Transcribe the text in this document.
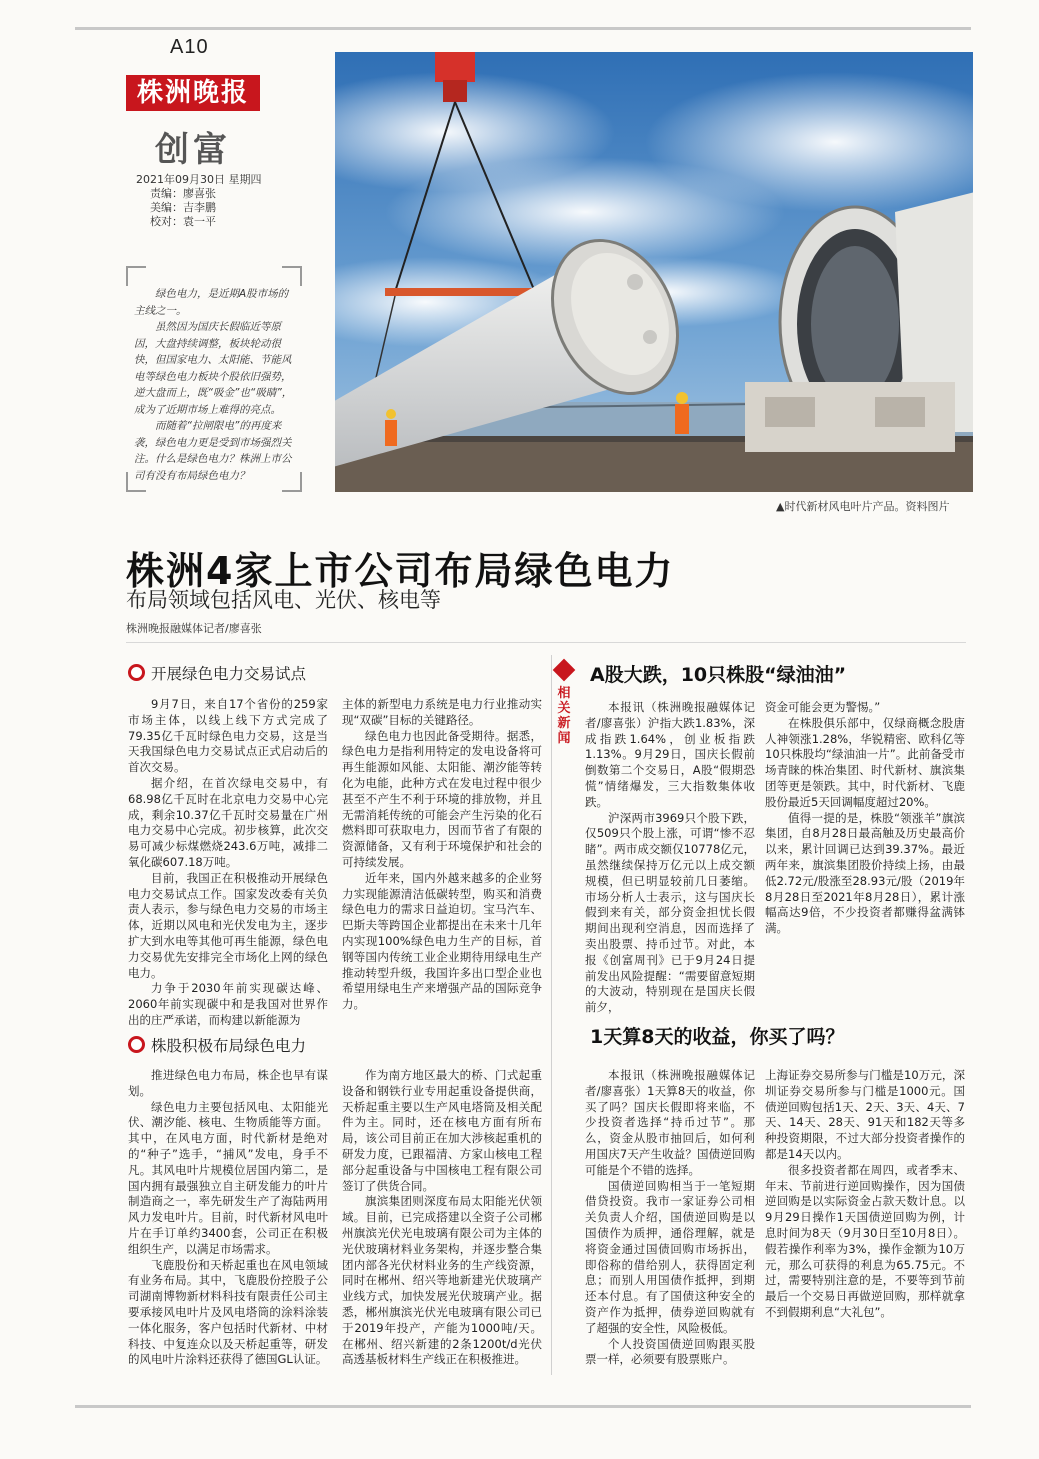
A10
株洲晚报
创富
2021年09月30日 星期四
责编：廖喜张
美编：吉李鹏
校对：袁一平

绿色电力，是近期A股市场的主线之一。

虽然因为国庆长假临近等原因，大盘持续调整，板块轮动很快，但国家电力、太阳能、节能风电等绿色电力板块个股依旧强势，逆大盘而上，既“吸金”也“吸睛”，成为了近期市场上难得的亮点。

而随着“拉闸限电”的再度来袭，绿色电力更是受到市场强烈关注。什么是绿色电力？株洲上市公司有没有布局绿色电力？

▲时代新材风电叶片产品。资料图片
株洲4家上市公司布局绿色电力
布局领域包括风电、光伏、核电等
株洲晚报融媒体记者/廖喜张
开展绿色电力交易试点

9月7日，来自17个省份的259家市场主体，以线上线下方式完成了79.35亿千瓦时绿色电力交易，这是当天我国绿色电力交易试点正式启动后的首次交易。

据介绍，在首次绿电交易中，有68.98亿千瓦时在北京电力交易中心完成，剩余10.37亿千瓦时交易量在广州电力交易中心完成。初步核算，此次交易可减少标煤燃烧243.6万吨，减排二氧化碳607.18万吨。

目前，我国正在积极推动开展绿色电力交易试点工作。国家发改委有关负责人表示，参与绿色电力交易的市场主体，近期以风电和光伏发电为主，逐步扩大到水电等其他可再生能源，绿色电力交易优先安排完全市场化上网的绿色电力。

力争于2030年前实现碳达峰、2060年前实现碳中和是我国对世界作出的庄严承诺，而构建以新能源为

主体的新型电力系统是电力行业推动实现“双碳”目标的关键路径。

绿色电力也因此备受期待。据悉，绿色电力是指利用特定的发电设备将可再生能源如风能、太阳能、潮汐能等转化为电能，此种方式在发电过程中很少甚至不产生不利于环境的排放物，并且无需消耗传统的可能会产生污染的化石燃料即可获取电力，因而节省了有限的资源储备，又有利于环境保护和社会的可持续发展。

近年来，国内外越来越多的企业努力实现能源清洁低碳转型，购买和消费绿色电力的需求日益迫切。宝马汽车、巴斯夫等跨国企业都提出在未来十几年内实现100%绿色电力生产的目标，首钢等国内传统工业企业期待用绿电生产推动转型升级，我国许多出口型企业也希望用绿电生产来增强产品的国际竞争力。

株股积极布局绿色电力

推进绿色电力布局，株企也早有谋划。

绿色电力主要包括风电、太阳能光伏、潮汐能、核电、生物质能等方面。其中，在风电方面，时代新材是绝对的“种子”选手，“捕风”发电，身手不凡。其风电叶片规模位居国内第二，是国内拥有最强独立自主研发能力的叶片制造商之一，率先研发生产了海陆两用风力发电叶片。目前，时代新材风电叶片在手订单约3400套，公司正在积极组织生产，以满足市场需求。

飞鹿股份和天桥起重也在风电领域有业务布局。其中，飞鹿股份控股子公司湖南博物新材料科技有限责任公司主要承接风电叶片及风电塔筒的涂料涂装一体化服务，客户包括时代新材、中材科技、中复连众以及天桥起重等，研发的风电叶片涂料还获得了德国GL认证。

作为南方地区最大的桥、门式起重设备和钢铁行业专用起重设备提供商，天桥起重主要以生产风电塔筒及相关配件为主。同时，还在核电方面有所布局，该公司目前正在加大涉核起重机的研发力度，已跟福清、方家山核电工程部分起重设备与中国核电工程有限公司签订了供货合同。

旗滨集团则深度布局太阳能光伏领域。目前，已完成搭建以全资子公司郴州旗滨光伏光电玻璃有限公司为主体的光伏玻璃材料业务架构，并逐步整合集团内部各光伏材料业务的生产线资源，同时在郴州、绍兴等地新建光伏玻璃产业线方式，加快发展光伏玻璃产业。据悉，郴州旗滨光伏光电玻璃有限公司已于2019年投产，产能为1000吨/天。在郴州、绍兴新建的2条1200t/d光伏高透基板材料生产线正在积极推进。

相关新闻
A股大跌，10只株股“绿油油”

本报讯（株洲晚报融媒体记者/廖喜张）沪指大跌1.83%，深成指跌1.64%，创业板指跌1.13%。9月29日，国庆长假前倒数第二个交易日，A股“假期恐慌”情绪爆发，三大指数集体收跌。

沪深两市3969只个股下跌，仅509只个股上涨，可谓“惨不忍睹”。两市成交额仅10778亿元，虽然继续保持万亿元以上成交额规模，但已明显较前几日萎缩。市场分析人士表示，这与国庆长假到来有关，部分资金担忧长假期间出现利空消息，因而选择了卖出股票、持币过节。对此，本报《创富周刊》已于9月24日提前发出风险提醒：“需要留意短期的大波动，特别现在是国庆长假前夕，

资金可能会更为警惕。”

在株股俱乐部中，仅绿商概念股唐人神领涨1.28%，华锐精密、欧科亿等10只株股均“绿油油一片”。此前备受市场青睐的株冶集团、时代新材、旗滨集团等更是领跌。其中，时代新材、飞鹿股份最近5天回调幅度超过20%。

值得一提的是，株股“领涨羊”旗滨集团，自8月28日最高触及历史最高价以来，累计回调已达到39.37%。最近两年来，旗滨集团股价持续上扬，由最低2.72元/股涨至28.93元/股（2019年8月28日至2021年8月28日），累计涨幅高达9倍，不少投资者都赚得盆满钵满。

1天算8天的收益，你买了吗？

本报讯（株洲晚报融媒体记者/廖喜张）1天算8天的收益，你买了吗？国庆长假即将来临，不少投资者选择“持币过节”。那么，资金从股市抽回后，如何利用国庆7天产生收益？国债逆回购可能是个不错的选择。

国债逆回购相当于一笔短期借贷投资。我市一家证券公司相关负责人介绍，国债逆回购是以国债作为质押，通俗理解，就是将资金通过国债回购市场拆出，即俗称的借给别人，获得固定利息；而别人用国债作抵押，到期还本付息。有了国债这种安全的资产作为抵押，债券逆回购就有了超强的安全性，风险极低。

个人投资国债逆回购跟买股票一样，必须要有股票账户。

上海证券交易所参与门槛是10万元，深圳证券交易所参与门槛是1000元。国债逆回购包括1天、2天、3天、4天、7天、14天、28天、91天和182天等多种投资期限，不过大部分投资者操作的都是14天以内。

很多投资者都在周四，或者季末、年末、节前进行逆回购操作，因为国债逆回购是以实际资金占款天数计息。以9月29日操作1天国债逆回购为例，计息时间为8天（9月30日至10月8日）。假若操作利率为3%，操作金额为10万元，那么可获得的利息为65.75元。不过，需要特别注意的是，不要等到节前最后一个交易日再做逆回购，那样就拿不到假期利息“大礼包”。
